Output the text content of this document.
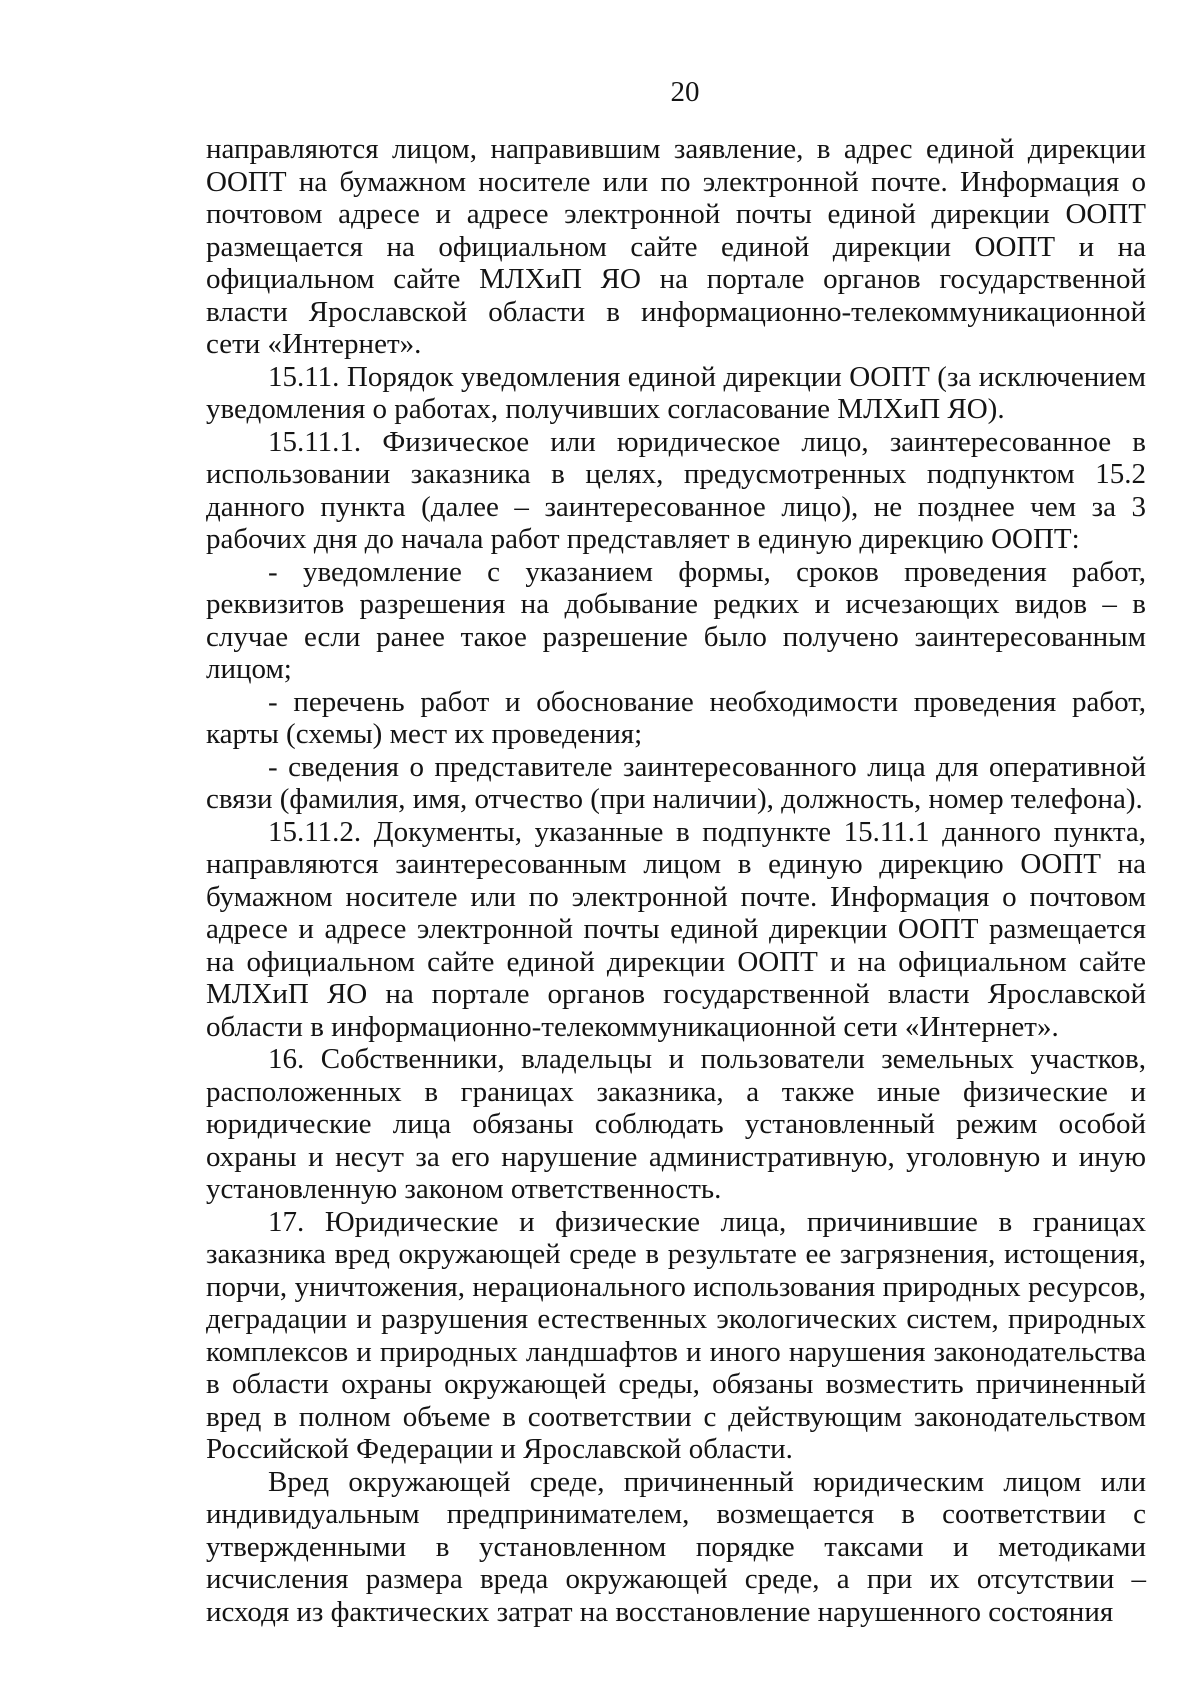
20

направляются лицом, направившим заявление, в адрес единой дирекции ООПТ на бумажном носителе или по электронной почте. Информация о почтовом адресе и адресе электронной почты единой дирекции ООПТ размещается на официальном сайте единой дирекции ООПТ и на официальном сайте МЛХиП ЯО на портале органов государственной власти Ярославской области в информационно-телекоммуникационной сети «Интернет».

15.11. Порядок уведомления единой дирекции ООПТ (за исключением уведомления о работах, получивших согласование МЛХиП ЯО).

15.11.1. Физическое или юридическое лицо, заинтересованное в использовании заказника в целях, предусмотренных подпунктом 15.2 данного пункта (далее – заинтересованное лицо), не позднее чем за 3 рабочих дня до начала работ представляет в единую дирекцию ООПТ:

- уведомление с указанием формы, сроков проведения работ, реквизитов разрешения на добывание редких и исчезающих видов – в случае если ранее такое разрешение было получено заинтересованным лицом;

- перечень работ и обоснование необходимости проведения работ, карты (схемы) мест их проведения;

- сведения о представителе заинтересованного лица для оперативной связи (фамилия, имя, отчество (при наличии), должность, номер телефона).

15.11.2. Документы, указанные в подпункте 15.11.1 данного пункта, направляются заинтересованным лицом в единую дирекцию ООПТ на бумажном носителе или по электронной почте. Информация о почтовом адресе и адресе электронной почты единой дирекции ООПТ размещается на официальном сайте единой дирекции ООПТ и на официальном сайте МЛХиП ЯО на портале органов государственной власти Ярославской области в информационно-телекоммуникационной сети «Интернет».

16. Собственники, владельцы и пользователи земельных участков, расположенных в границах заказника, а также иные физические и юридические лица обязаны соблюдать установленный режим особой охраны и несут за его нарушение административную, уголовную и иную установленную законом ответственность.

17. Юридические и физические лица, причинившие в границах заказника вред окружающей среде в результате ее загрязнения, истощения, порчи, уничтожения, нерационального использования природных ресурсов, деградации и разрушения естественных экологических систем, природных комплексов и природных ландшафтов и иного нарушения законодательства в области охраны окружающей среды, обязаны возместить причиненный вред в полном объеме в соответствии с действующим законодательством Российской Федерации и Ярославской области.

Вред окружающей среде, причиненный юридическим лицом или индивидуальным предпринимателем, возмещается в соответствии с утвержденными в установленном порядке таксами и методиками исчисления размера вреда окружающей среде, а при их отсутствии – исходя из фактических затрат на восстановление нарушенного состояния
